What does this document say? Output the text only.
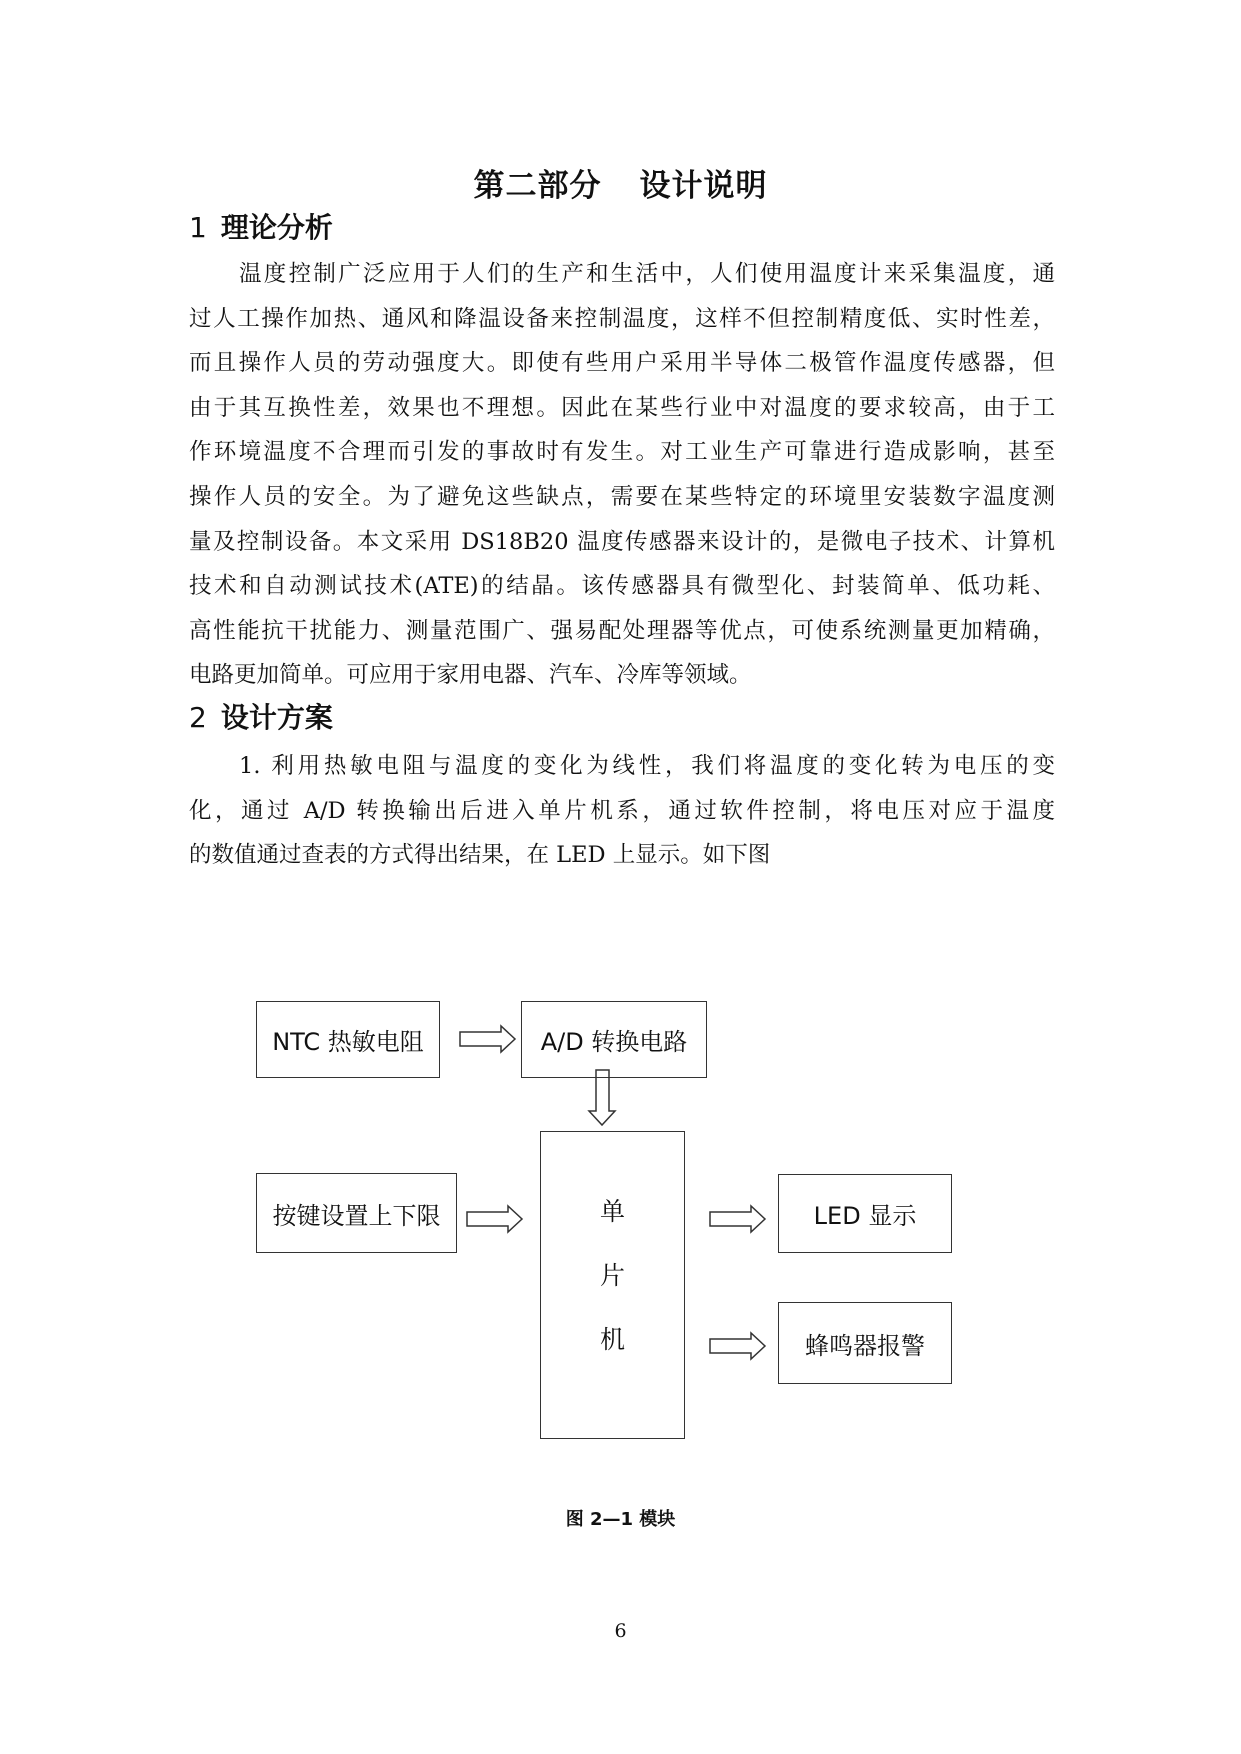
第二部分 设计说明
1 理论分析
温度控制广泛应用于人们的生产和生活中，人们使用温度计来采集温度，通
过人工操作加热、通风和降温设备来控制温度，这样不但控制精度低、实时性差，
而且操作人员的劳动强度大。即使有些用户采用半导体二极管作温度传感器，但
由于其互换性差，效果也不理想。因此在某些行业中对温度的要求较高，由于工
作环境温度不合理而引发的事故时有发生。对工业生产可靠进行造成影响，甚至
操作人员的安全。为了避免这些缺点，需要在某些特定的环境里安装数字温度测
量及控制设备。本文采用 DS18B20 温度传感器来设计的，是微电子技术、计算机
技术和自动测试技术(ATE)的结晶。该传感器具有微型化、封装简单、低功耗、
高性能抗干扰能力、测量范围广、强易配处理器等优点，可使系统测量更加精确，
电路更加简单。可应用于家用电器、汽车、冷库等领域。
2 设计方案
1. 利用热敏电阻与温度的变化为线性，我们将温度的变化转为电压的变
化，通过 A/D 转换输出后进入单片机系，通过软件控制，将电压对应于温度
的数值通过查表的方式得出结果，在 LED 上显示。如下图
NTC 热敏电阻	A/D 转换电路
按键设置上下限	单
片
机
LED 显示
蜂鸣器报警
图 2—1 模块
6
